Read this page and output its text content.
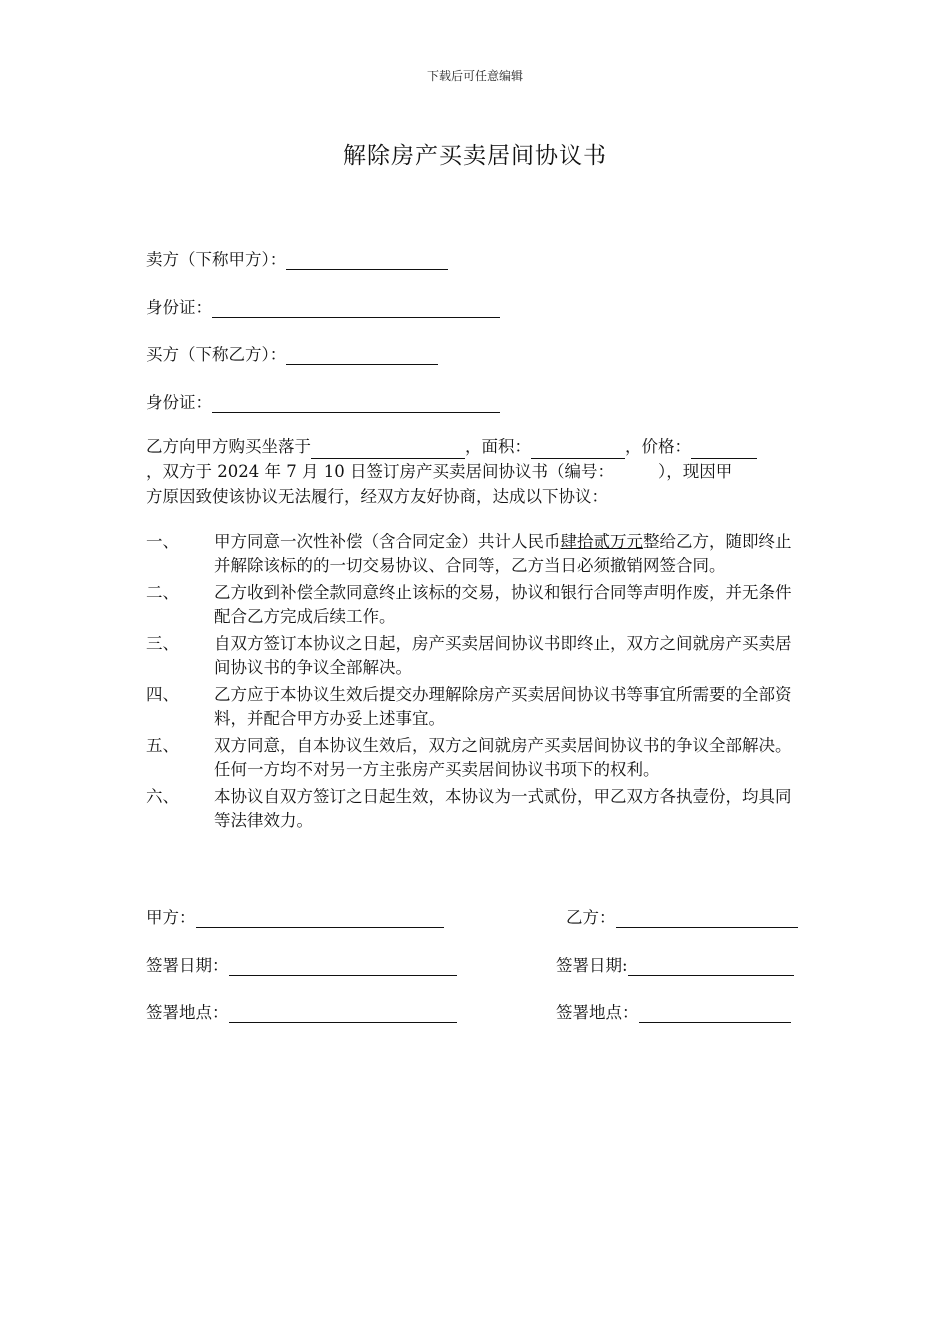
下载后可任意编辑
解除房产买卖居间协议书
卖方（下称甲方）：
身份证：
买方（下称乙方）：
身份证：
乙方向甲方购买坐落于	，面积：	，价格：
，双方于 2024 年 7 月 10 日签订房产买卖居间协议书（编号：	），现因甲
方原因致使该协议无法履行，经双方友好协商，达成以下协议：
一、	甲方同意一次性补偿（含合同定金）共计人民币肆拾贰万元整给乙方，随即终止并解除该标的的一切交易协议、合同等，乙方当日必须撤销网签合同。
二、	乙方收到补偿全款同意终止该标的交易，协议和银行合同等声明作废，并无条件配合乙方完成后续工作。
三、	自双方签订本协议之日起，房产买卖居间协议书即终止，双方之间就房产买卖居间协议书的争议全部解决。
四、	乙方应于本协议生效后提交办理解除房产买卖居间协议书等事宜所需要的全部资料，并配合甲方办妥上述事宜。
五、	双方同意，自本协议生效后，双方之间就房产买卖居间协议书的争议全部解决。任何一方均不对另一方主张房产买卖居间协议书项下的权利。
六、	本协议自双方签订之日起生效，本协议为一式贰份，甲乙双方各执壹份，均具同等法律效力。
甲方：	乙方：
签署日期：	签署日期:
签署地点：	签署地点：
